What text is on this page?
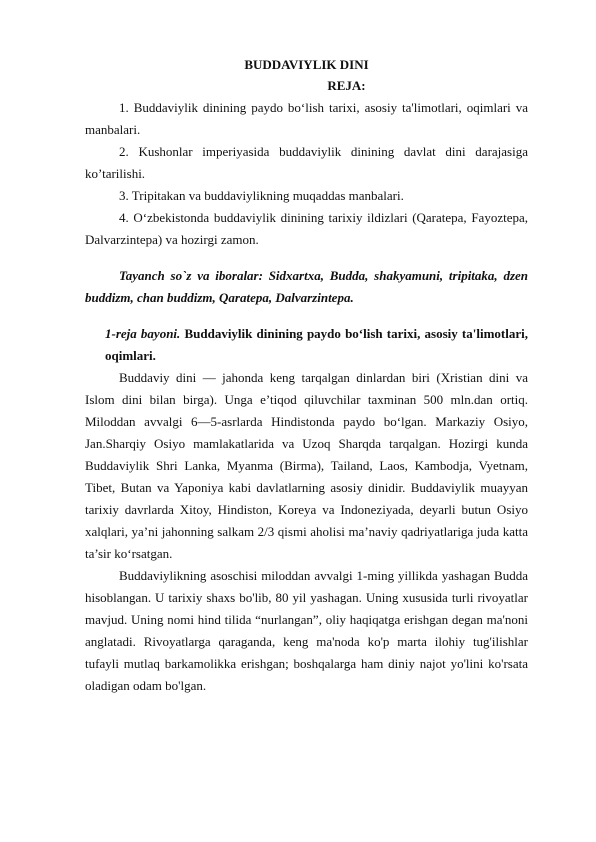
BUDDAVIYLIK DINI

REJA:

1. Buddaviylik dinining paydo bo‘lish tarixi, asosiy ta'limotlari, oqimlari va manbalari.

2. Kushonlar imperiyasida buddaviylik dinining davlat dini darajasiga ko’tarilishi.

3. Tripitakan va buddaviylikning muqaddas manbalari.

4. O‘zbekistonda buddaviylik dinining tarixiy ildizlari (Qaratepa, Fayoztepa, Dalvarzintepa) va hozirgi zamon.

Tayanch so`z va iboralar: Sidxartxa, Budda, shakyamuni, tripitaka, dzen buddizm, chan buddizm, Qaratepa, Dalvarzintepa.

1-reja bayoni. Buddaviylik dinining paydo bo‘lish tarixi, asosiy ta'limotlari, oqimlari.

Buddaviy dini — jahonda keng tarqalgan dinlardan biri (Xristian dini va Islom dini bilan birga). Unga e’tiqod qiluvchilar taxminan 500 mln.dan ortiq. Miloddan avvalgi 6—5-asrlarda Hindistonda paydo bo‘lgan. Markaziy Osiyo, Jan.Sharqiy Osiyo mamlakatlarida va Uzoq Sharqda tarqalgan. Hozirgi kunda Buddaviylik Shri Lanka, Myanma (Birma), Tailand, Laos, Kambodja, Vyetnam, Tibet, Butan va Yaponiya kabi davlatlarning asosiy dinidir. Buddaviylik muayyan tarixiy davrlarda Xitoy, Hindiston, Koreya va Indoneziyada, deyarli butun Osiyo xalqlari, ya’ni jahonning salkam 2/3 qismi aholisi ma’naviy qadriyatlariga juda katta ta’sir ko‘rsatgan.

Buddaviylikning asoschisi miloddan avvalgi 1-ming yillikda yashagan Budda hisoblangan. U tarixiy shaxs bo'lib, 80 yil yashagan. Uning xususida turli rivoyatlar mavjud. Uning nomi hind tilida “nurlangan”, oliy haqiqatga erishgan degan ma'noni anglatadi. Rivoyatlarga qaraganda, keng ma'noda ko'p marta ilohiy tug'ilishlar tufayli mutlaq barkamolikka erishgan; boshqalarga ham diniy najot yo'lini ko'rsata oladigan odam bo'lgan.
